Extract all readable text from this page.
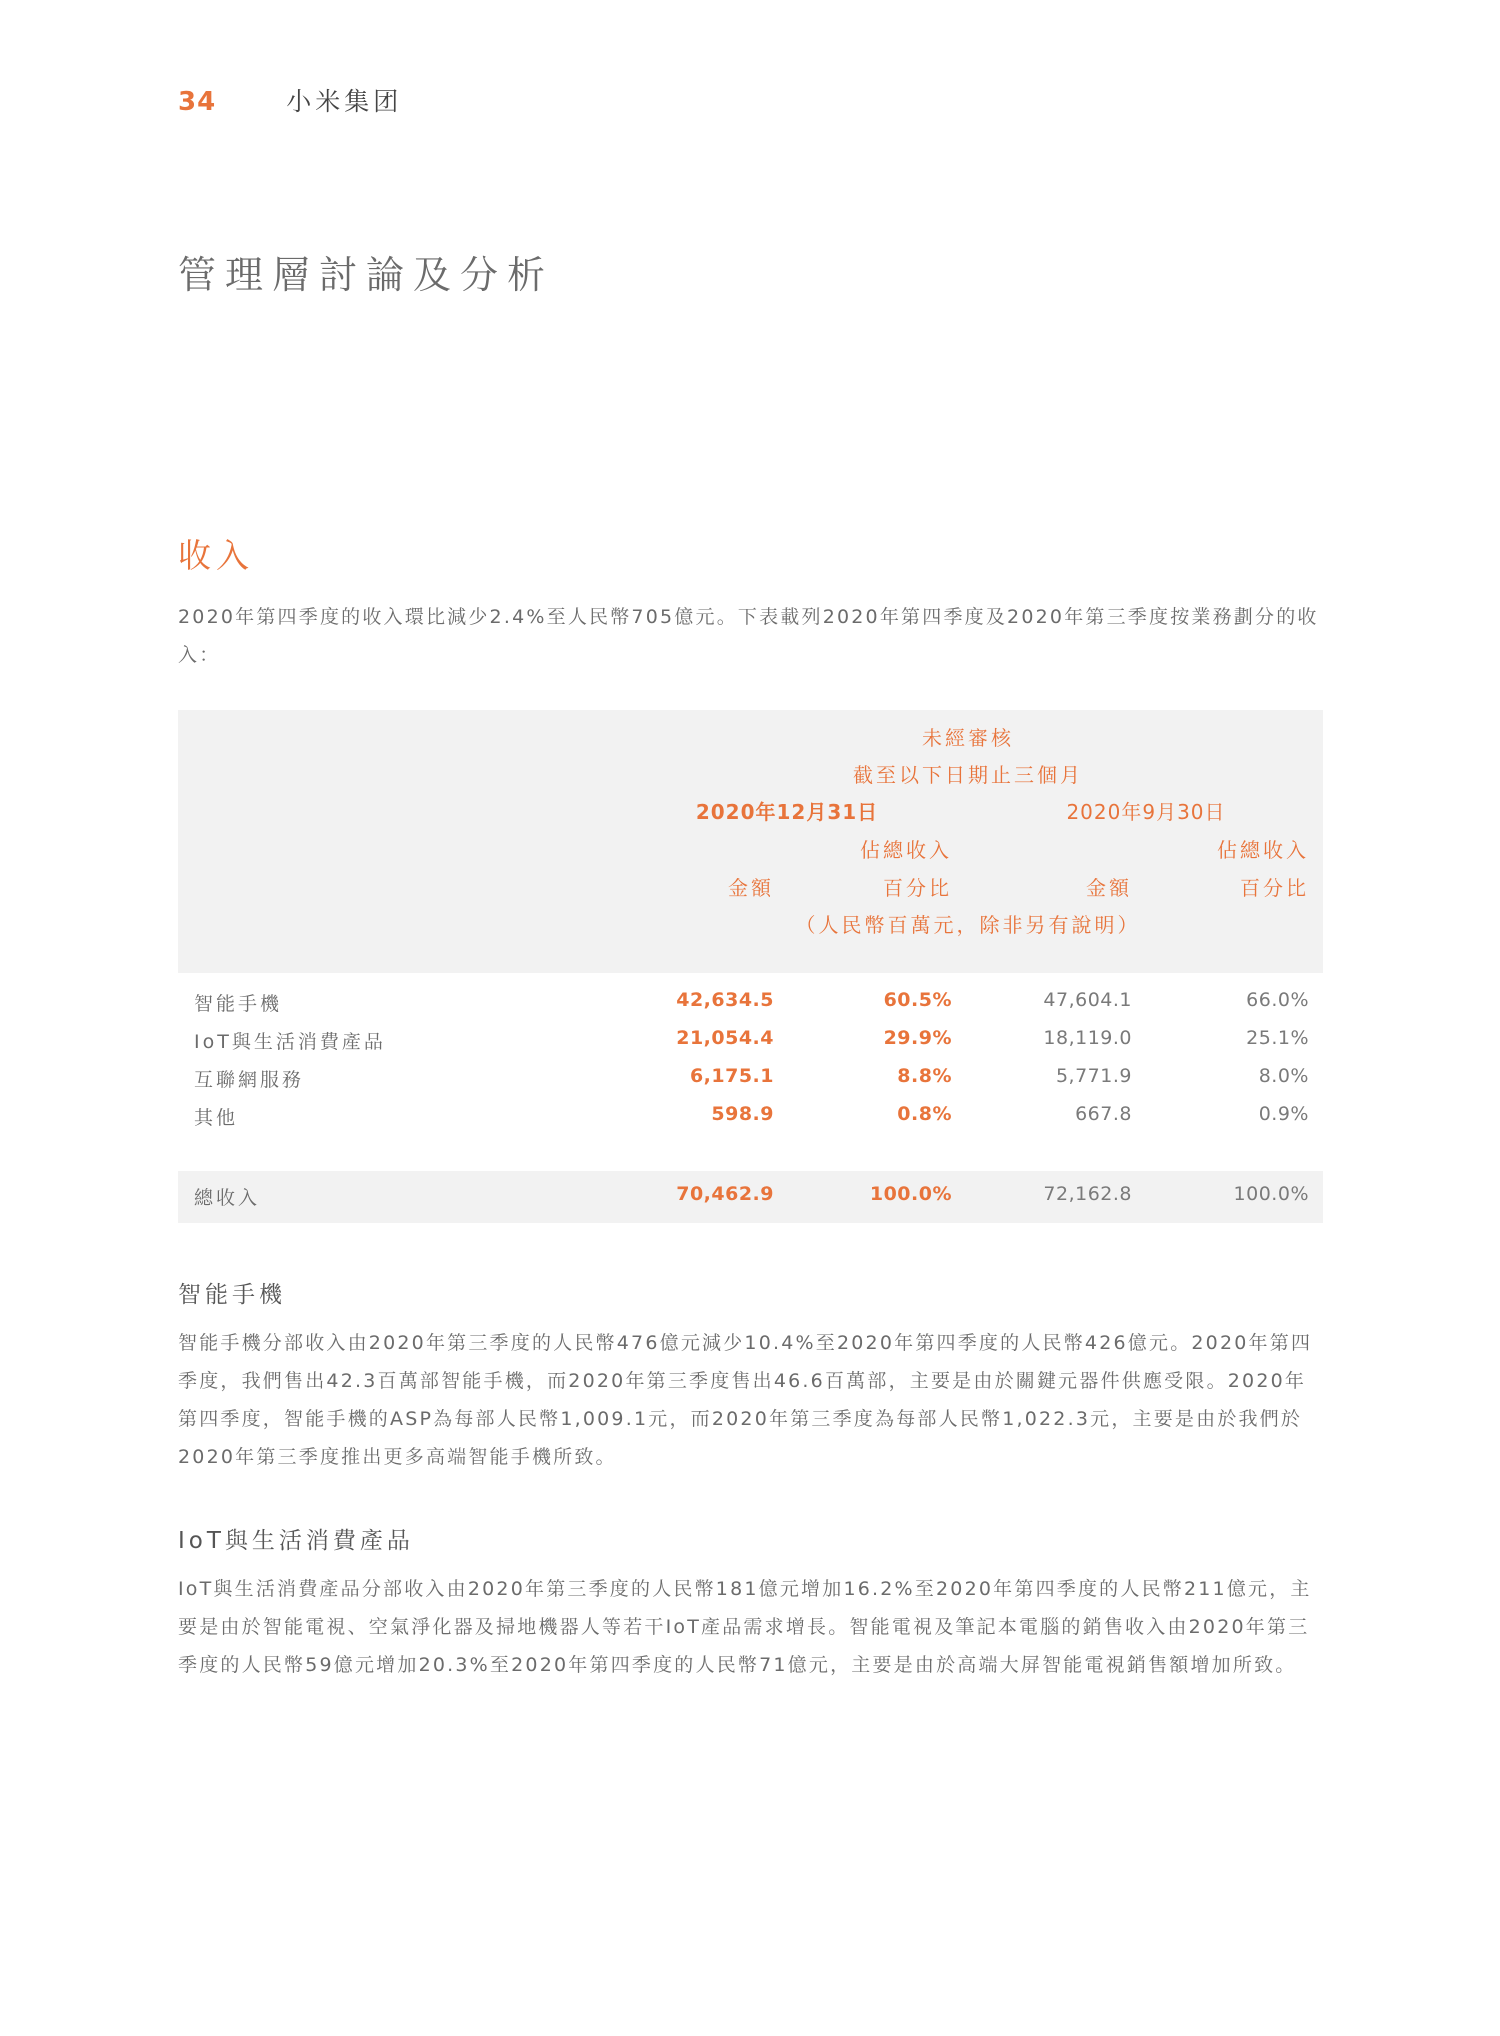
34	小米集团
管理層討論及分析
收入

2020年第四季度的收入環比減少2.4%至人民幣705億元。下表載列2020年第四季度及2020年第三季度按業務劃分的收入：

未經審核
截至以下日期止三個月
2020年12月31日	2020年9月30日
佔總收入	佔總收入
金額	百分比	金額	百分比
（人民幣百萬元，除非另有說明）
智能手機	42,634.5	60.5%	47,604.1	66.0%
IoT與生活消費產品	21,054.4	29.9%	18,119.0	25.1%
互聯網服務	6,175.1	8.8%	5,771.9	8.0%
其他	598.9	0.8%	667.8	0.9%
總收入	70,462.9	100.0%	72,162.8	100.0%
智能手機

智能手機分部收入由2020年第三季度的人民幣476億元減少10.4%至2020年第四季度的人民幣426億元。2020年第四季度，我們售出42.3百萬部智能手機，而2020年第三季度售出46.6百萬部，主要是由於關鍵元器件供應受限。2020年第四季度，智能手機的ASP為每部人民幣1,009.1元，而2020年第三季度為每部人民幣1,022.3元，主要是由於我們於2020年第三季度推出更多高端智能手機所致。

IoT與生活消費產品

IoT與生活消費產品分部收入由2020年第三季度的人民幣181億元增加16.2%至2020年第四季度的人民幣211億元，主要是由於智能電視、空氣淨化器及掃地機器人等若干IoT產品需求增長。智能電視及筆記本電腦的銷售收入由2020年第三季度的人民幣59億元增加20.3%至2020年第四季度的人民幣71億元，主要是由於高端大屏智能電視銷售額增加所致。
